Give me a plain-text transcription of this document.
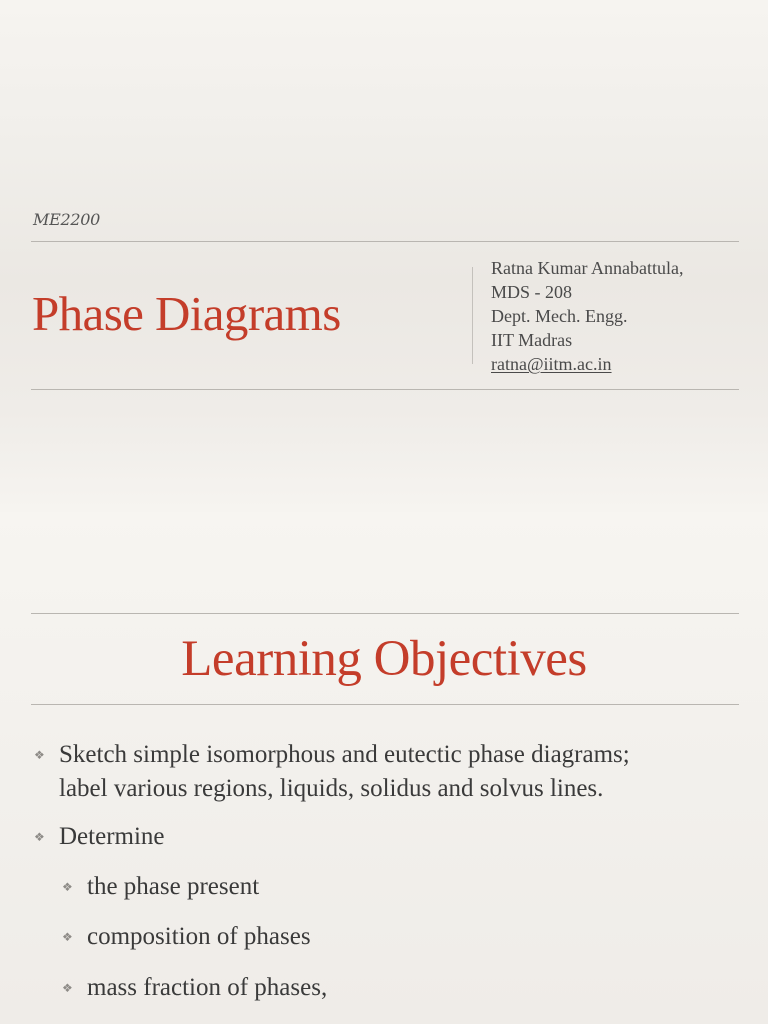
ME2200
Phase Diagrams
Ratna Kumar Annabattula,
MDS - 208
Dept. Mech. Engg.
IIT Madras
ratna@iitm.ac.in
Learning Objectives
❖ Sketch simple isomorphous and eutectic phase diagrams;
label various regions, liquids, solidus and solvus lines.
❖ Determine
❖ the phase present
❖ composition of phases
❖ mass fraction of phases,
